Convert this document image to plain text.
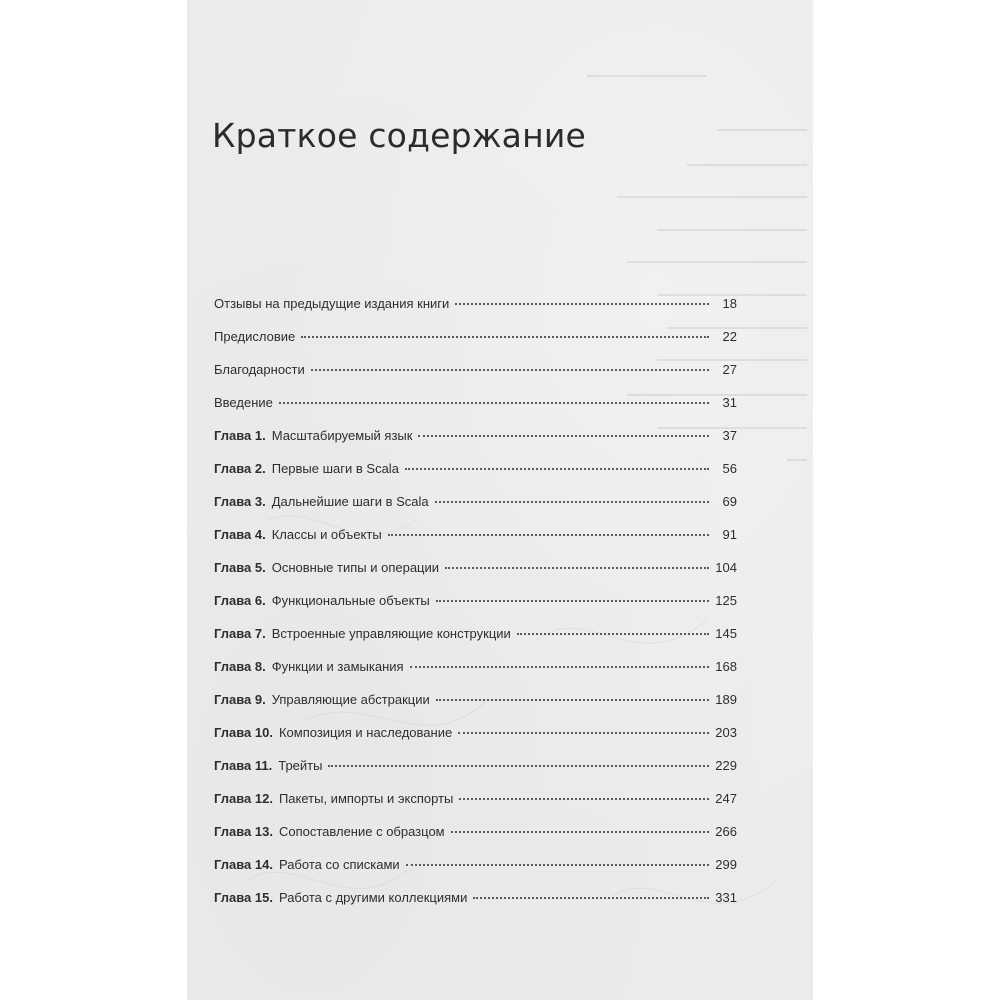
Краткое содержание
Отзывы на предыдущие издания книги	18
Предисловие	22
Благодарности	27
Введение	31
Глава 1. Масштабируемый язык	37
Глава 2. Первые шаги в Scala	56
Глава 3. Дальнейшие шаги в Scala	69
Глава 4. Классы и объекты	91
Глава 5. Основные типы и операции	104
Глава 6. Функциональные объекты	125
Глава 7. Встроенные управляющие конструкции	145
Глава 8. Функции и замыкания	168
Глава 9. Управляющие абстракции	189
Глава 10. Композиция и наследование	203
Глава 11. Трейты	229
Глава 12. Пакеты, импорты и экспорты	247
Глава 13. Сопоставление с образцом	266
Глава 14. Работа со списками	299
Глава 15. Работа с другими коллекциями	331
